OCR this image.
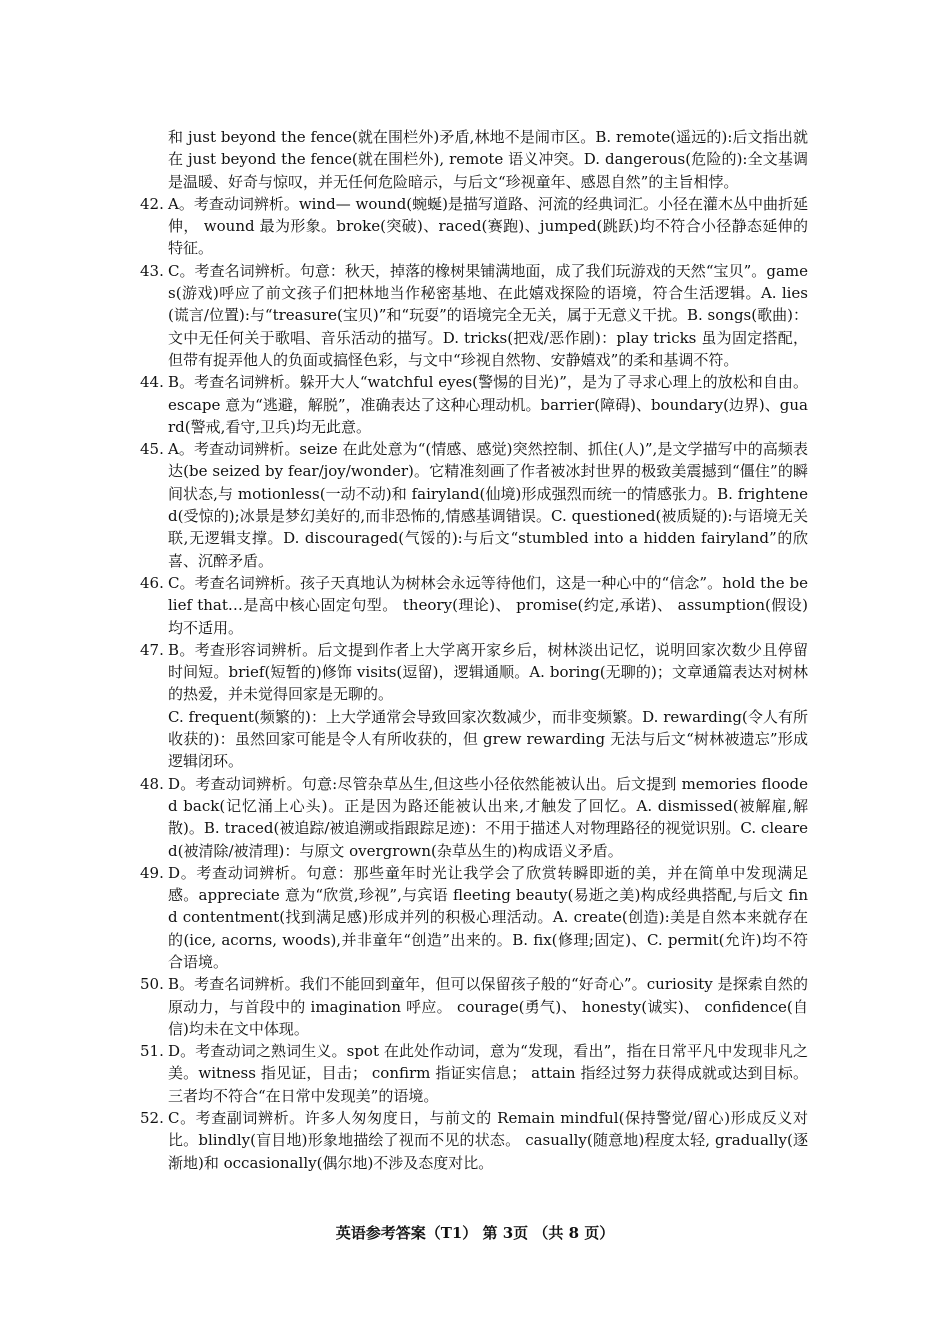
和 just beyond the fence(就在围栏外)矛盾,林地不是闹市区。B. remote(遥远的):后文指出就在 just beyond the fence(就在围栏外), remote 语义冲突。D. dangerous(危险的):全文基调是温暖、好奇与惊叹，并无任何危险暗示，与后文“珍视童年、感恩自然”的主旨相悖。

42. A。考查动词辨析。wind— wound(蜿蜒)是描写道路、河流的经典词汇。小径在灌木丛中曲折延伸， wound 最为形象。broke(突破)、raced(赛跑)、jumped(跳跃)均不符合小径静态延伸的特征。

43. C。考查名词辨析。句意：秋天，掉落的橡树果铺满地面，成了我们玩游戏的天然“宝贝”。games(游戏)呼应了前文孩子们把林地当作秘密基地、在此嬉戏探险的语境，符合生活逻辑。A. lies(谎言/位置):与“treasure(宝贝)”和“玩耍”的语境完全无关，属于无意义干扰。B. songs(歌曲)：文中无任何关于歌唱、音乐活动的描写。D. tricks(把戏/恶作剧)：play tricks 虽为固定搭配，但带有捉弄他人的负面或搞怪色彩，与文中“珍视自然物、安静嬉戏”的柔和基调不符。

44. B。考查名词辨析。躲开大人“watchful eyes(警惕的目光)”，是为了寻求心理上的放松和自由。escape 意为“逃避，解脱”，准确表达了这种心理动机。barrier(障碍)、boundary(边界)、guard(警戒,看守,卫兵)均无此意。

45. A。考查动词辨析。seize 在此处意为“(情感、感觉)突然控制、抓住(人)”,是文学描写中的高频表达(be seized by fear/joy/wonder)。它精准刻画了作者被冰封世界的极致美震撼到“僵住”的瞬间状态,与 motionless(一动不动)和 fairyland(仙境)形成强烈而统一的情感张力。B. frightened(受惊的);冰景是梦幻美好的,而非恐怖的,情感基调错误。C. questioned(被质疑的):与语境无关联,无逻辑支撑。D. discouraged(气馁的):与后文“stumbled into a hidden fairyland”的欣喜、沉醉矛盾。

46. C。考查名词辨析。孩子天真地认为树林会永远等待他们，这是一种心中的“信念”。hold the belief that…是高中核心固定句型。 theory(理论)、 promise(约定,承诺)、 assumption(假设)均不适用。

47. B。考查形容词辨析。后文提到作者上大学离开家乡后，树林淡出记忆，说明回家次数少且停留时间短。brief(短暂的)修饰 visits(逗留)，逻辑通顺。A. boring(无聊的)；文章通篇表达对树林的热爱，并未觉得回家是无聊的。

C. frequent(频繁的)：上大学通常会导致回家次数减少，而非变频繁。D. rewarding(令人有所收获的)：虽然回家可能是令人有所收获的，但 grew rewarding 无法与后文“树林被遗忘”形成逻辑闭环。

48. D。考查动词辨析。句意:尽管杂草丛生,但这些小径依然能被认出。后文提到 memories flooded back(记忆涌上心头)。正是因为路还能被认出来,才触发了回忆。A. dismissed(被解雇,解散)。B. traced(被追踪/被追溯或指跟踪足迹)：不用于描述人对物理路径的视觉识别。C. cleared(被清除/被清理)：与原文 overgrown(杂草丛生的)构成语义矛盾。

49. D。考查动词辨析。句意：那些童年时光让我学会了欣赏转瞬即逝的美，并在简单中发现满足感。appreciate 意为“欣赏,珍视”,与宾语 fleeting beauty(易逝之美)构成经典搭配,与后文 find contentment(找到满足感)形成并列的积极心理活动。A. create(创造):美是自然本来就存在的(ice, acorns, woods),并非童年“创造”出来的。B. fix(修理;固定)、C. permit(允许)均不符合语境。

50. B。考查名词辨析。我们不能回到童年，但可以保留孩子般的“好奇心”。curiosity 是探索自然的原动力，与首段中的 imagination 呼应。 courage(勇气)、 honesty(诚实)、 confidence(自信)均未在文中体现。

51. D。考查动词之熟词生义。spot 在此处作动词，意为“发现，看出”，指在日常平凡中发现非凡之美。witness 指见证，目击； confirm 指证实信息； attain 指经过努力获得成就或达到目标。三者均不符合“在日常中发现美”的语境。

52. C。考查副词辨析。许多人匆匆度日，与前文的 Remain mindful(保持警觉/留心)形成反义对比。blindly(盲目地)形象地描绘了视而不见的状态。 casually(随意地)程度太轻, gradually(逐渐地)和 occasionally(偶尔地)不涉及态度对比。

英语参考答案（T1） 第 3页 （共 8 页）
